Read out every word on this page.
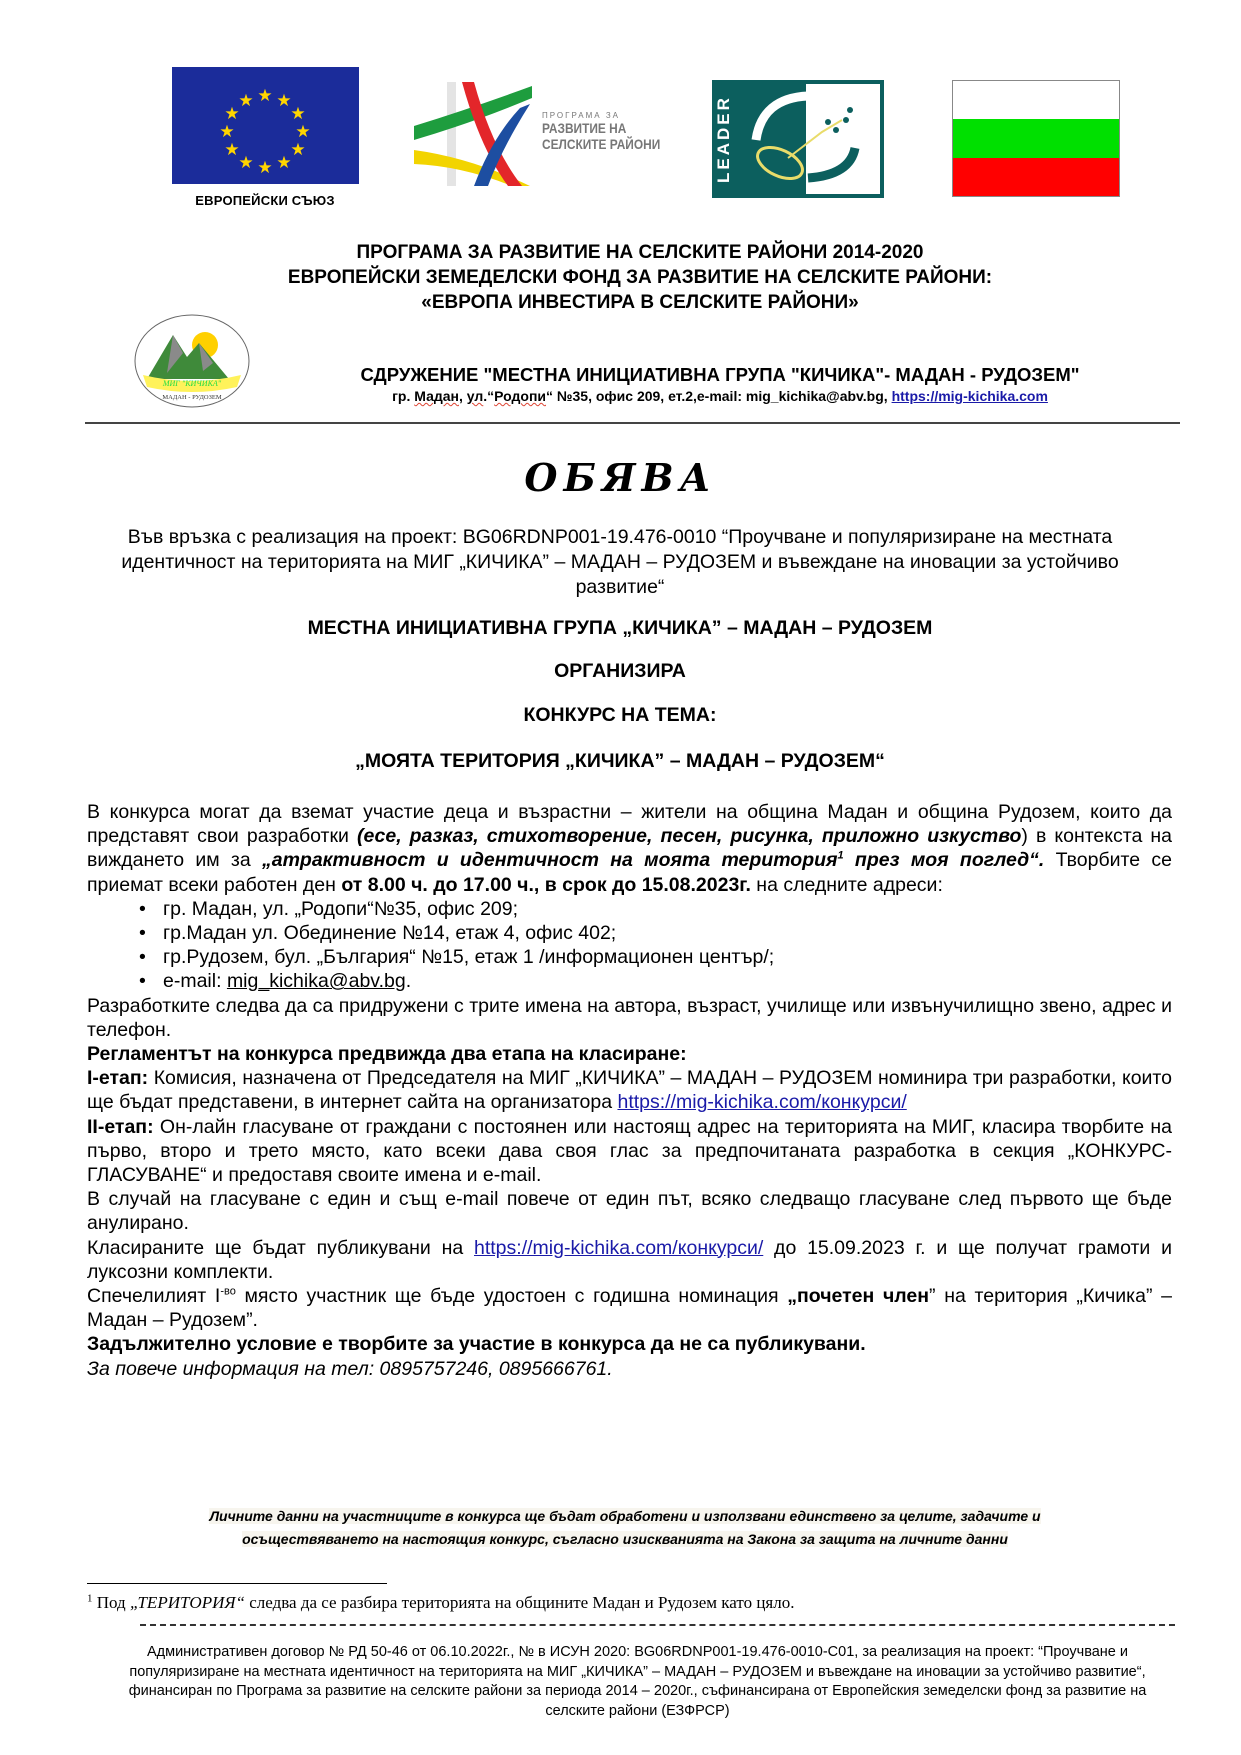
★ ★
★
★
★
★
★
★
★
★
★
★
ЕВРОПЕЙСКИ СЪЮЗ
ПРОГРАМА ЗА
РАЗВИТИЕ НА
СЕЛСКИТЕ РАЙОНИ	LEADER
ПРОГРАМА ЗА РАЗВИТИЕ НА СЕЛСКИТЕ РАЙОНИ 2014-2020
ЕВРОПЕЙСКИ ЗЕМЕДЕЛСКИ ФОНД ЗА РАЗВИТИЕ НА СЕЛСКИТЕ РАЙОНИ:
«ЕВРОПА ИНВЕСТИРА В СЕЛСКИТЕ РАЙОНИ»
МИГ "КИЧИКА"
МАДАН - РУДОЗЕМ
СДРУЖЕНИЕ "МЕСТНА ИНИЦИАТИВНА ГРУПА "КИЧИКА"- МАДАН - РУДОЗЕМ"
гр. Мадан, ул.“Родопи“ №35, офис 209, ет.2,e-mail: mig_kichika@abv.bg, https://mig-kichika.com
ОБЯВА
Във връзка с реализация на проект: BG06RDNP001-19.476-0010 “Проучване и популяризиране на местната идентичност на територията на МИГ „КИЧИКА” – МАДАН – РУДОЗЕМ и въвеждане на иновации за устойчиво развитие“
МЕСТНА ИНИЦИАТИВНА ГРУПА „КИЧИКА” – МАДАН – РУДОЗЕМ
ОРГАНИЗИРА
КОНКУРС НА ТЕМА:
„МОЯТА ТЕРИТОРИЯ „КИЧИКА” – МАДАН – РУДОЗЕМ“

В конкурса могат да вземат участие деца и възрастни – жители на община Мадан и община Рудозем, които да представят свои разработки (есе, разказ, стихотворение, песен, рисунка, приложно изкуство) в контекста на виждането им за „атрактивност и идентичност на моята територия$^1$ през моя поглед“. Творбите се приемат всеки работен ден от 8.00 ч. до 17.00 ч., в срок до 15.08.2023г. на следните адреси:

• гр. Мадан, ул. „Родопи“№35, офис 209;
• гр.Мадан ул. Обединение №14, етаж 4, офис 402;
• гр.Рудозем, бул. „България“ №15, етаж 1 /информационен център/;
• e-mail: mig_kichika@abv.bg.

Разработките следва да са придружени с трите имена на автора, възраст, училище или извънучилищно звено, адрес и телефон.

Регламентът на конкурса предвижда два етапа на класиране:

I-етап: Комисия, назначена от Председателя на МИГ „КИЧИКА” – МАДАН – РУДОЗЕМ номинира три разработки, които ще бъдат представени, в интернет сайта на организатора https://mig-kichika.com/конкурси/

II-етап: Он-лайн гласуване от граждани с постоянен или настоящ адрес на територията на МИГ, класира творбите на първо, второ и трето място, като всеки дава своя глас за предпочитаната разработка в секция „КОНКУРС-ГЛАСУВАНЕ“ и предоставя своите имена и e-mail.

В случай на гласуване с един и същ e-mail повече от един път, всяко следващо гласуване след първото ще бъде анулирано.

Класираните ще бъдат публикувани на https://mig-kichika.com/конкурси/ до 15.09.2023 г. и ще получат грамоти и луксозни комплекти.

Спечелилият $I^{-во}$ място участник ще бъде удостоен с годишна номинация „почетен член” на територия „Кичика” – Мадан – Рудозем”.

Задължително условие е творбите за участие в конкурса да не са публикувани.

За повече информация на тел: 0895757246, 0895666761.

Личните данни на участниците в конкурса ще бъдат обработени и използвани единствено за целите, задачите и
осъществяването на настоящия конкурс, съгласно изискванията на Закона за защита на личните данни
$^1$ Под „ТЕРИТОРИЯ“ следва да се разбира територията на общините Мадан и Рудозем като цяло.
Административен договор № РД 50-46 от 06.10.2022г., № в ИСУН 2020: BG06RDNP001-19.476-0010-C01, за реализация на проект: “Проучване и популяризиране на местната идентичност на територията на МИГ „КИЧИКА” – МАДАН – РУДОЗЕМ и въвеждане на иновации за устойчиво развитие“, финансиран по Програма за развитие на селските райони за периода 2014 – 2020г., съфинансирана от Европейския земеделски фонд за развитие на селските райони (ЕЗФРСР)
